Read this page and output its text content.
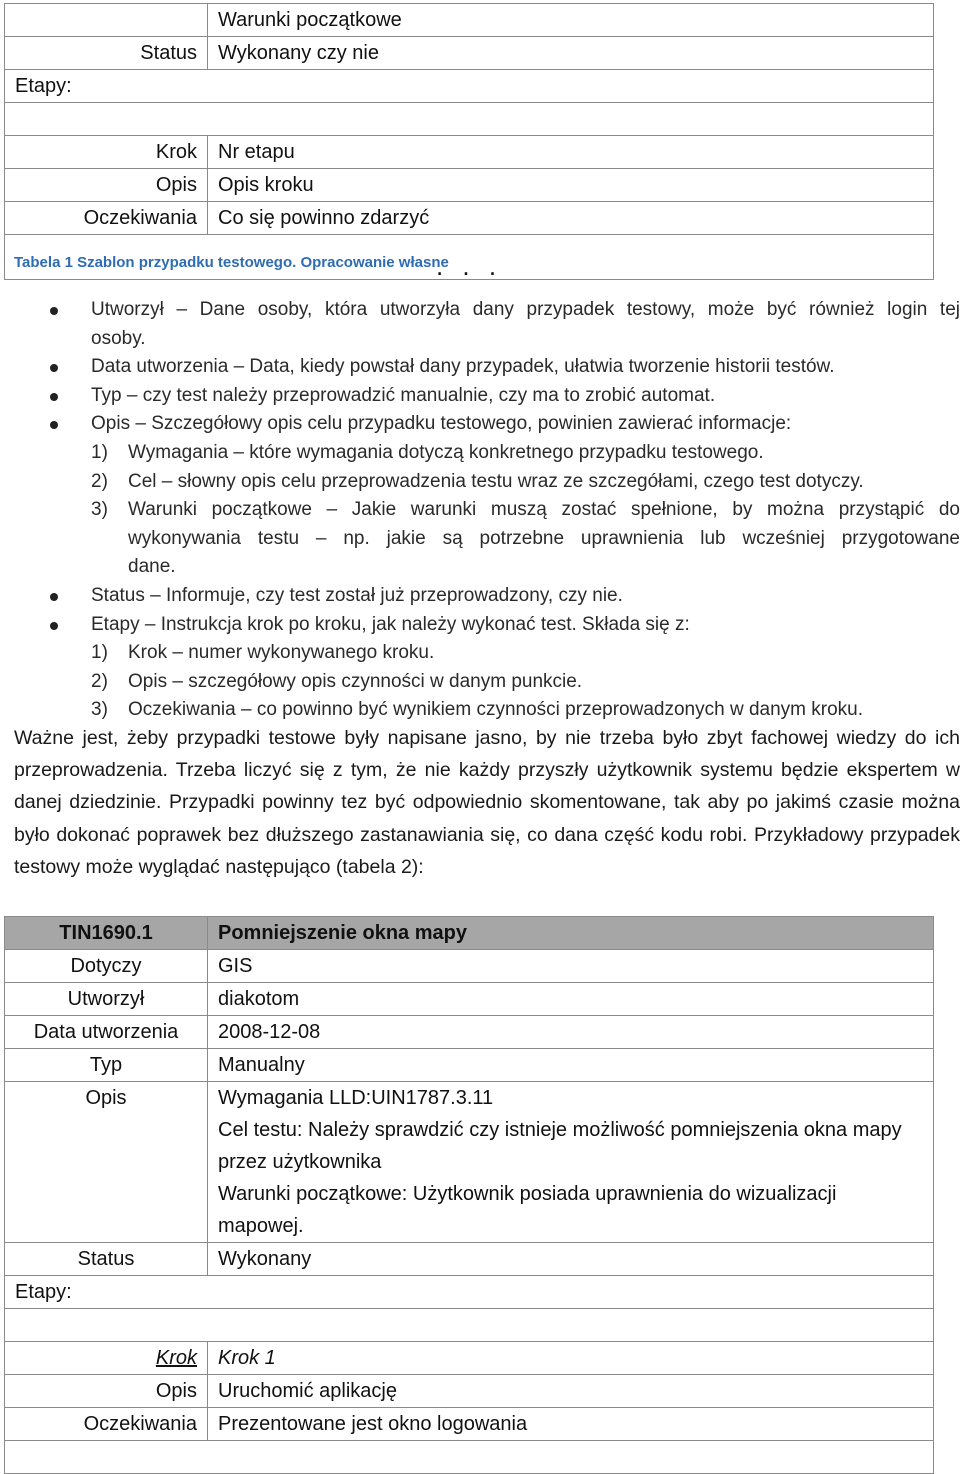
	Warunki początkowe
Status	Wykonany czy nie
Etapy:	

Krok	Nr etapu
Opis	Opis kroku
Oczekiwania	Co się powinno zdarzyć
. . .	
Tabela 1 Szablon przypadku testowego. Opracowanie własne
Utworzył – Dane osoby, która utworzyła dany przypadek testowy, może być również login tej
osoby.
Data utworzenia – Data, kiedy powstał dany przypadek, ułatwia tworzenie historii testów.
Typ – czy test należy przeprowadzić manualnie, czy ma to zrobić automat.
Opis – Szczegółowy opis celu przypadku testowego, powinien zawierać informacje:
1) Wymagania – które wymagania dotyczą konkretnego przypadku testowego.
2) Cel – słowny opis celu przeprowadzenia testu wraz ze szczegółami, czego test dotyczy.
3) Warunki początkowe – Jakie warunki muszą zostać spełnione, by można przystąpić do
wykonywania testu – np. jakie są potrzebne uprawnienia lub wcześniej przygotowane
dane.
Status – Informuje, czy test został już przeprowadzony, czy nie.
Etapy – Instrukcja krok po kroku, jak należy wykonać test. Składa się z:
1) Krok – numer wykonywanego kroku.
2) Opis – szczegółowy opis czynności w danym punkcie.
3) Oczekiwania – co powinno być wynikiem czynności przeprowadzonych w danym kroku.
Ważne jest, żeby przypadki testowe były napisane jasno, by nie trzeba było zbyt fachowej wiedzy do ich przeprowadzenia. Trzeba liczyć się z tym, że nie każdy przyszły użytkownik systemu będzie ekspertem w danej dziedzinie. Przypadki powinny tez być odpowiednio skomentowane, tak aby po jakimś czasie można było dokonać poprawek bez dłuższego zastanawiania się, co dana część kodu robi. Przykładowy przypadek testowy może wyglądać następująco (tabela 2):
TIN1690.1	Pomniejszenie okna mapy
Dotyczy	GIS
Utworzył	diakotom
Data utworzenia	2008-12-08
Typ	Manualny
Opis	Wymagania LLD:UIN1787.3.11
Cel testu: Należy sprawdzić czy istnieje możliwość pomniejszenia okna mapy przez użytkownika
Warunki początkowe: Użytkownik posiada uprawnienia do wizualizacji mapowej.

Status	Wykonany
Etapy:	

Krok	Krok 1
Opis	Uruchomić aplikację
Oczekiwania	Prezentowane jest okno logowania
